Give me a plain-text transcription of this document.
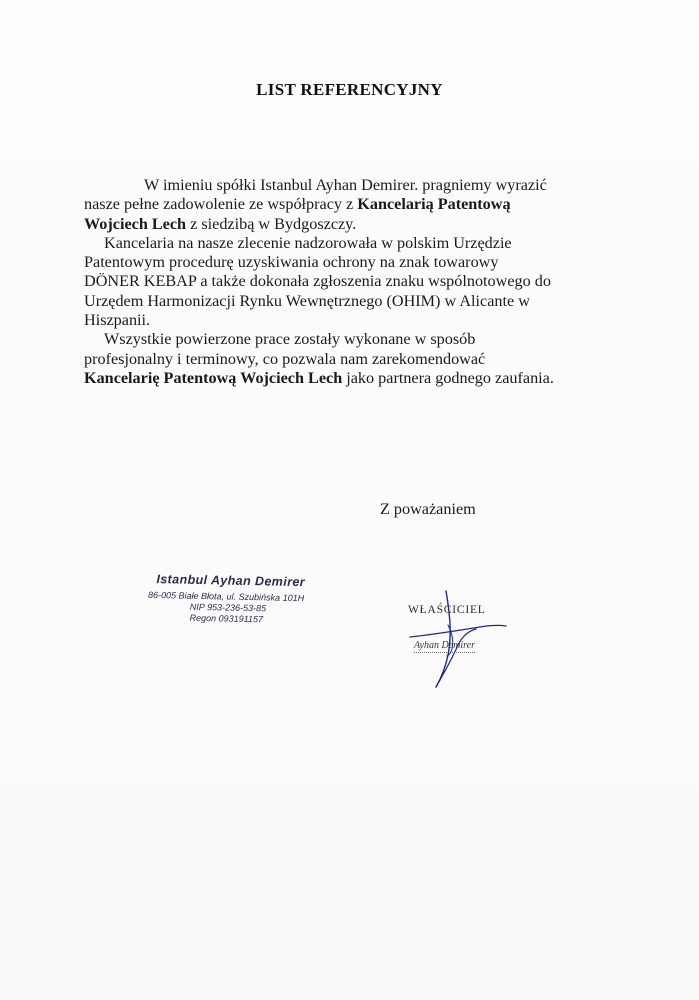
LIST REFERENCYJNY
W imieniu spółki Istanbul Ayhan Demirer. pragniemy wyrazić
nasze pełne zadowolenie ze współpracy z Kancelarią Patentową
Wojciech Lech z siedzibą w Bydgoszczy.
Kancelaria na nasze zlecenie nadzorowała w polskim Urzędzie
Patentowym procedurę uzyskiwania ochrony na znak towarowy
DÖNER KEBAP a także dokonała zgłoszenia znaku wspólnotowego do
Urzędem Harmonizacji Rynku Wewnętrznego (OHIM) w Alicante w
Hiszpanii.
Wszystkie powierzone prace zostały wykonane w sposób
profesjonalny i terminowy, co pozwala nam zarekomendować
Kancelarię Patentową Wojciech Lech jako partnera godnego zaufania.
Z poważaniem
Istanbul Ayhan Demirer
86-005 Białe Błota, ul. Szubińska 101H
NIP 953-236-53-85
Regon 093191157
WŁAŚCICIEL
Ayhan Demirer
